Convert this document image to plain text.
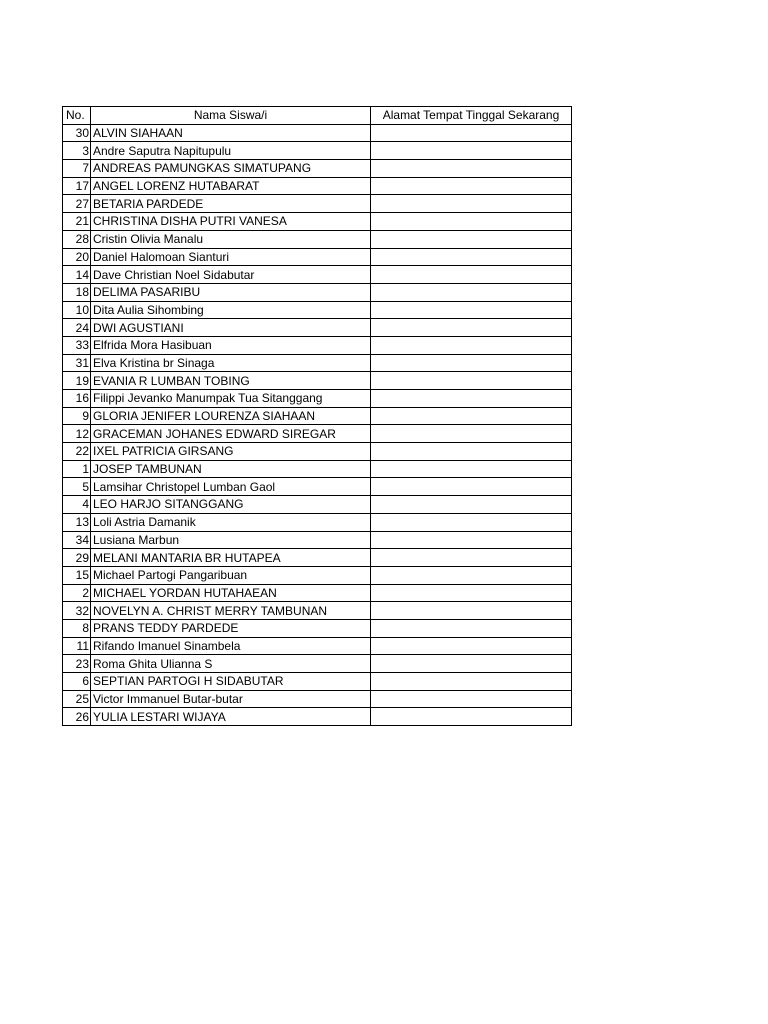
No.	Nama Siswa/i	Alamat Tempat Tinggal Sekarang
30	ALVIN SIAHAAN	
3	Andre Saputra Napitupulu	
7	ANDREAS PAMUNGKAS SIMATUPANG	
17	ANGEL LORENZ HUTABARAT	
27	BETARIA PARDEDE	
21	CHRISTINA DISHA PUTRI VANESA	
28	Cristin Olivia Manalu	
20	Daniel Halomoan Sianturi	
14	Dave Christian Noel Sidabutar	
18	DELIMA PASARIBU	
10	Dita Aulia Sihombing	
24	DWI AGUSTIANI	
33	Elfrida Mora Hasibuan	
31	Elva Kristina br Sinaga	
19	EVANIA R LUMBAN TOBING	
16	Filippi Jevanko Manumpak Tua Sitanggang	
9	GLORIA JENIFER LOURENZA SIAHAAN	
12	GRACEMAN JOHANES EDWARD SIREGAR	
22	IXEL PATRICIA GIRSANG	
1	JOSEP TAMBUNAN	
5	Lamsihar Christopel Lumban Gaol	
4	LEO HARJO SITANGGANG	
13	Loli Astria Damanik	
34	Lusiana Marbun	
29	MELANI MANTARIA BR HUTAPEA	
15	Michael Partogi Pangaribuan	
2	MICHAEL YORDAN HUTAHAEAN	
32	NOVELYN A. CHRIST MERRY TAMBUNAN	
8	PRANS TEDDY PARDEDE	
11	Rifando Imanuel Sinambela	
23	Roma Ghita Ulianna S	
6	SEPTIAN PARTOGI H SIDABUTAR	
25	Victor Immanuel Butar-butar	
26	YULIA LESTARI WIJAYA	
